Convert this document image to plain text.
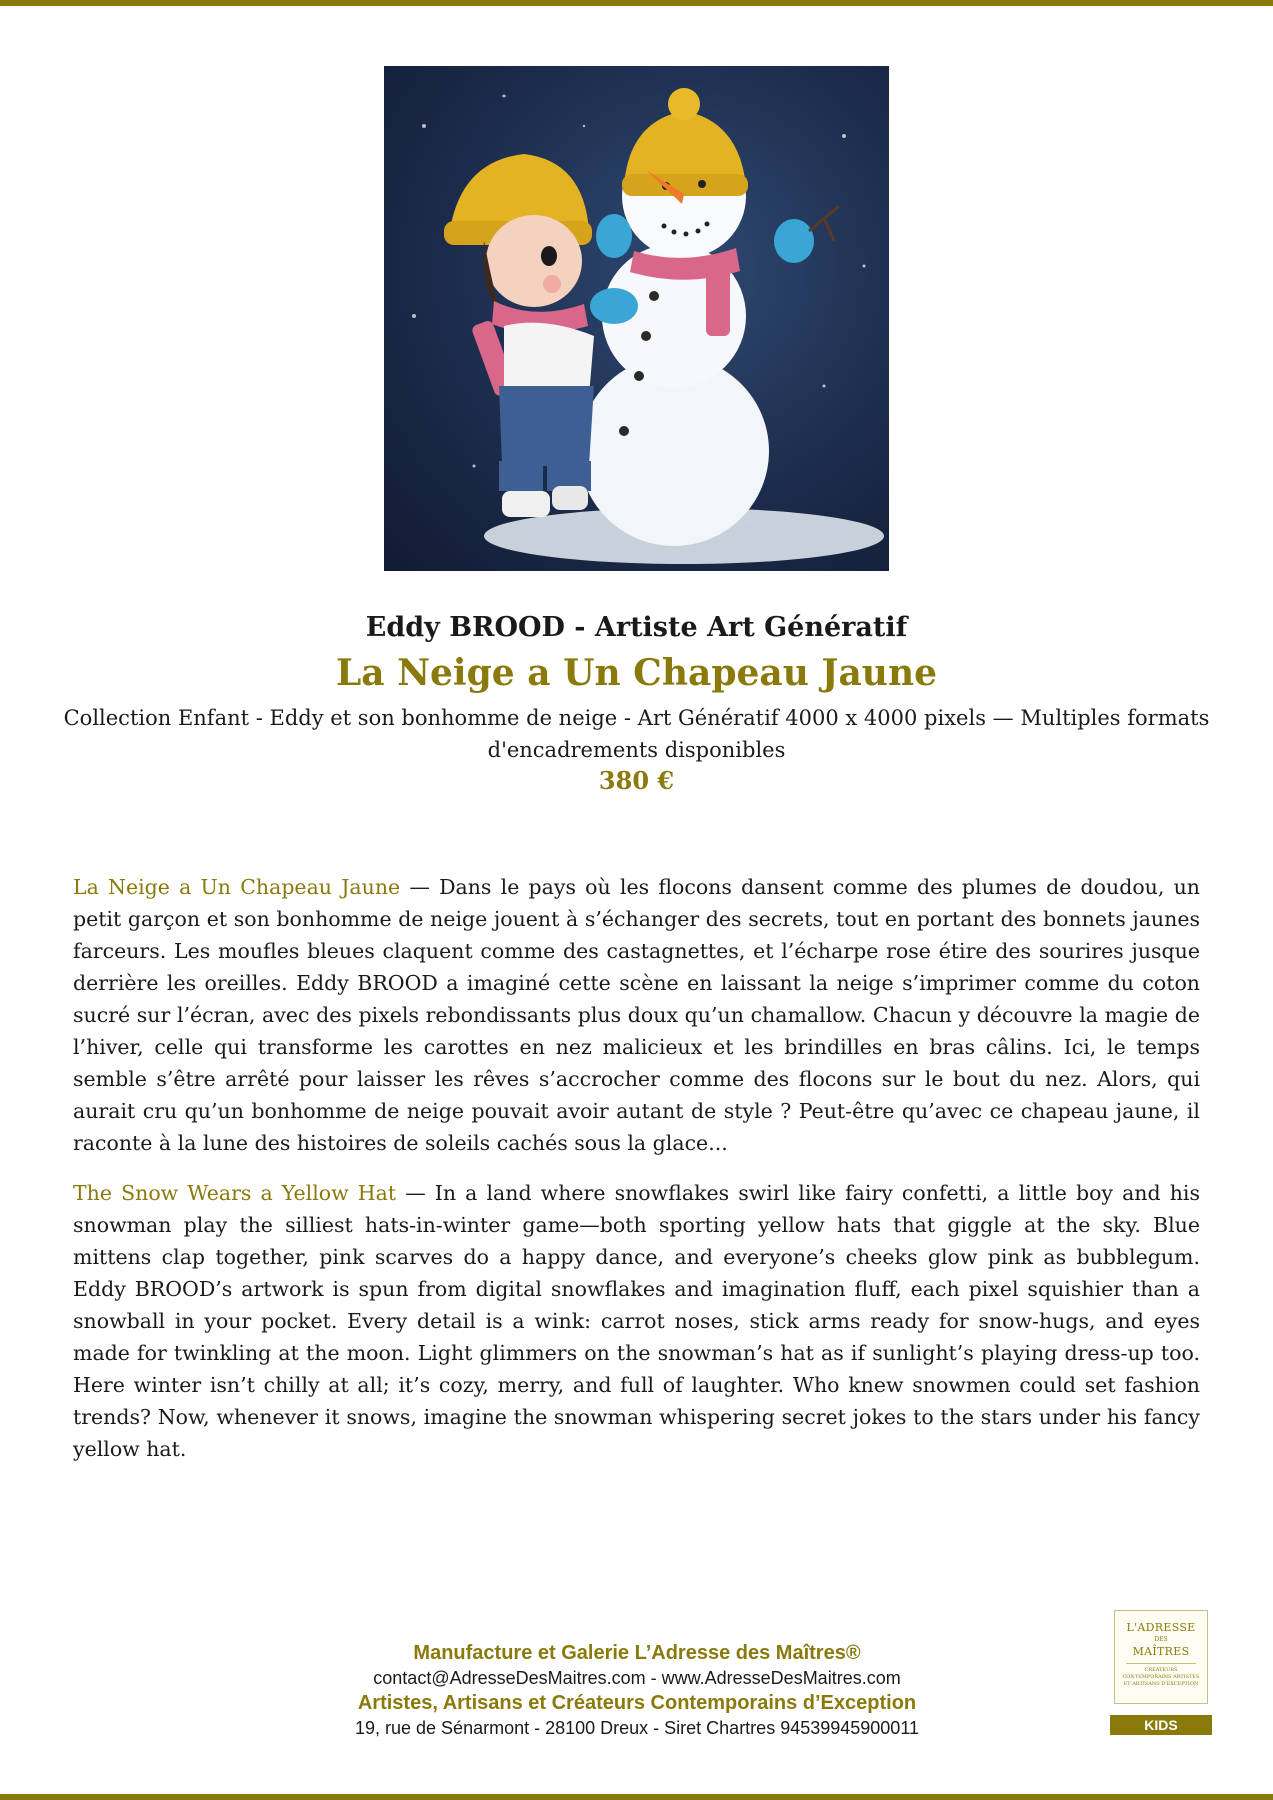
Eddy BROOD - Artiste Art Génératif
La Neige a Un Chapeau Jaune
Collection Enfant - Eddy et son bonhomme de neige - Art Génératif 4000 x 4000 pixels — Multiples formats d'encadrements disponibles
380 €

La Neige a Un Chapeau Jaune — Dans le pays où les flocons dansent comme des plumes de doudou, un petit garçon et son bonhomme de neige jouent à s’échanger des secrets, tout en portant des bonnets jaunes farceurs. Les moufles bleues claquent comme des castagnettes, et l’écharpe rose étire des sourires jusque derrière les oreilles. Eddy BROOD a imaginé cette scène en laissant la neige s’imprimer comme du coton sucré sur l’écran, avec des pixels rebondissants plus doux qu’un chamallow. Chacun y découvre la magie de l’hiver, celle qui transforme les carottes en nez malicieux et les brindilles en bras câlins. Ici, le temps semble s’être arrêté pour laisser les rêves s’accrocher comme des flocons sur le bout du nez. Alors, qui aurait cru qu’un bonhomme de neige pouvait avoir autant de style ? Peut-être qu’avec ce chapeau jaune, il raconte à la lune des histoires de soleils cachés sous la glace...

The Snow Wears a Yellow Hat — In a land where snowflakes swirl like fairy confetti, a little boy and his snowman play the silliest hats-in-winter game—both sporting yellow hats that giggle at the sky. Blue mittens clap together, pink scarves do a happy dance, and everyone’s cheeks glow pink as bubblegum. Eddy BROOD’s artwork is spun from digital snowflakes and imagination fluff, each pixel squishier than a snowball in your pocket. Every detail is a wink: carrot noses, stick arms ready for snow-hugs, and eyes made for twinkling at the moon. Light glimmers on the snowman’s hat as if sunlight’s playing dress-up too. Here winter isn’t chilly at all; it’s cozy, merry, and full of laughter. Who knew snowmen could set fashion trends? Now, whenever it snows, imagine the snowman whispering secret jokes to the stars under his fancy yellow hat.

Manufacture et Galerie L’Adresse des Maîtres®
contact@AdresseDesMaitres.com - www.AdresseDesMaitres.com
Artistes, Artisans et Créateurs Contemporains d’Exception
19, rue de Sénarmont - 28100 Dreux - Siret Chartres 94539945900011
L'ADRESSE
DES
MAÎTRES
CRÉATEURS CONTEMPORAINS ARTISTES ET ARTISANS D'EXCEPTION
KIDS
